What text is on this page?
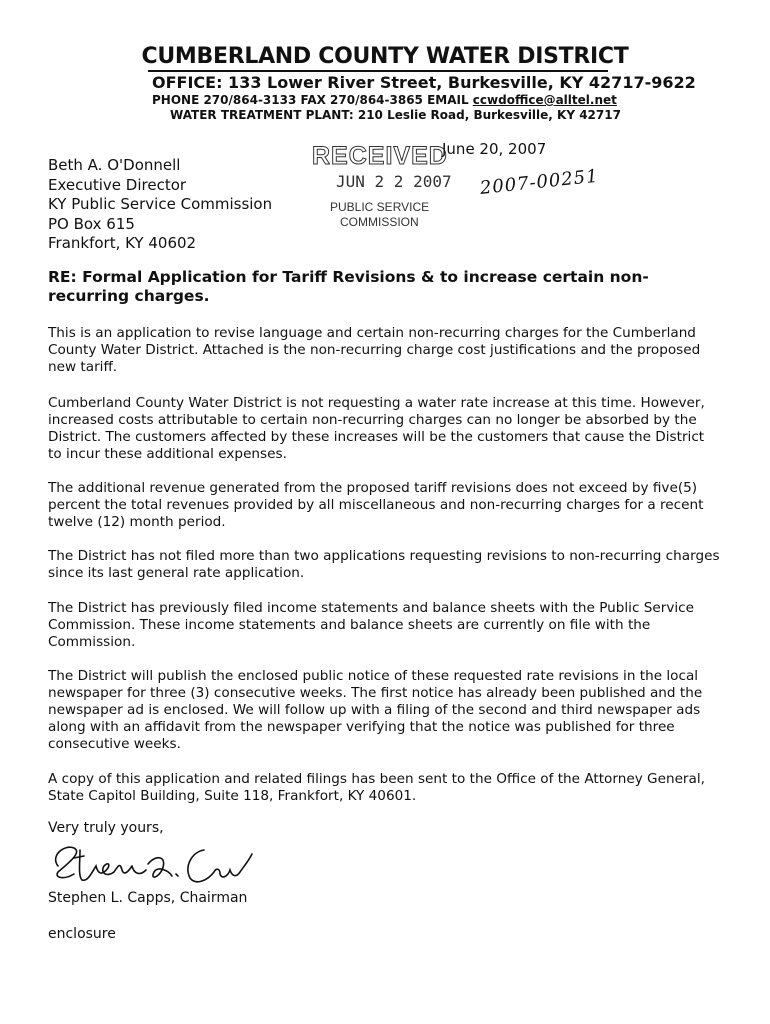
CUMBERLAND COUNTY WATER DISTRICT
OFFICE: 133 Lower River Street, Burkesville, KY 42717-9622
PHONE 270/864-3133 FAX 270/864-3865 EMAIL ccwdoffice@alltel.net
WATER TREATMENT PLANT: 210 Leslie Road, Burkesville, KY 42717
RECEIVED
JUN 2 2 2007
PUBLIC SERVICE
COMMISSION
June 20, 2007
2007-00251
Beth A. O'Donnell
Executive Director
KY Public Service Commission
PO Box 615
Frankfort, KY 40602
RE: Formal Application for Tariff Revisions & to increase certain non-recurring charges.
This is an application to revise language and certain non-recurring charges for the Cumberland County Water District. Attached is the non-recurring charge cost justifications and the proposed new tariff.
Cumberland County Water District is not requesting a water rate increase at this time. However, increased costs attributable to certain non-recurring charges can no longer be absorbed by the District. The customers affected by these increases will be the customers that cause the District to incur these additional expenses.
The additional revenue generated from the proposed tariff revisions does not exceed by five(5) percent the total revenues provided by all miscellaneous and non-recurring charges for a recent twelve (12) month period.
The District has not filed more than two applications requesting revisions to non-recurring charges since its last general rate application.
The District has previously filed income statements and balance sheets with the Public Service Commission. These income statements and balance sheets are currently on file with the Commission.
The District will publish the enclosed public notice of these requested rate revisions in the local newspaper for three (3) consecutive weeks. The first notice has already been published and the newspaper ad is enclosed. We will follow up with a filing of the second and third newspaper ads along with an affidavit from the newspaper verifying that the notice was published for three consecutive weeks.
A copy of this application and related filings has been sent to the Office of the Attorney General, State Capitol Building, Suite 118, Frankfort, KY 40601.
Very truly yours,
Stephen L. Capps, Chairman
enclosure
